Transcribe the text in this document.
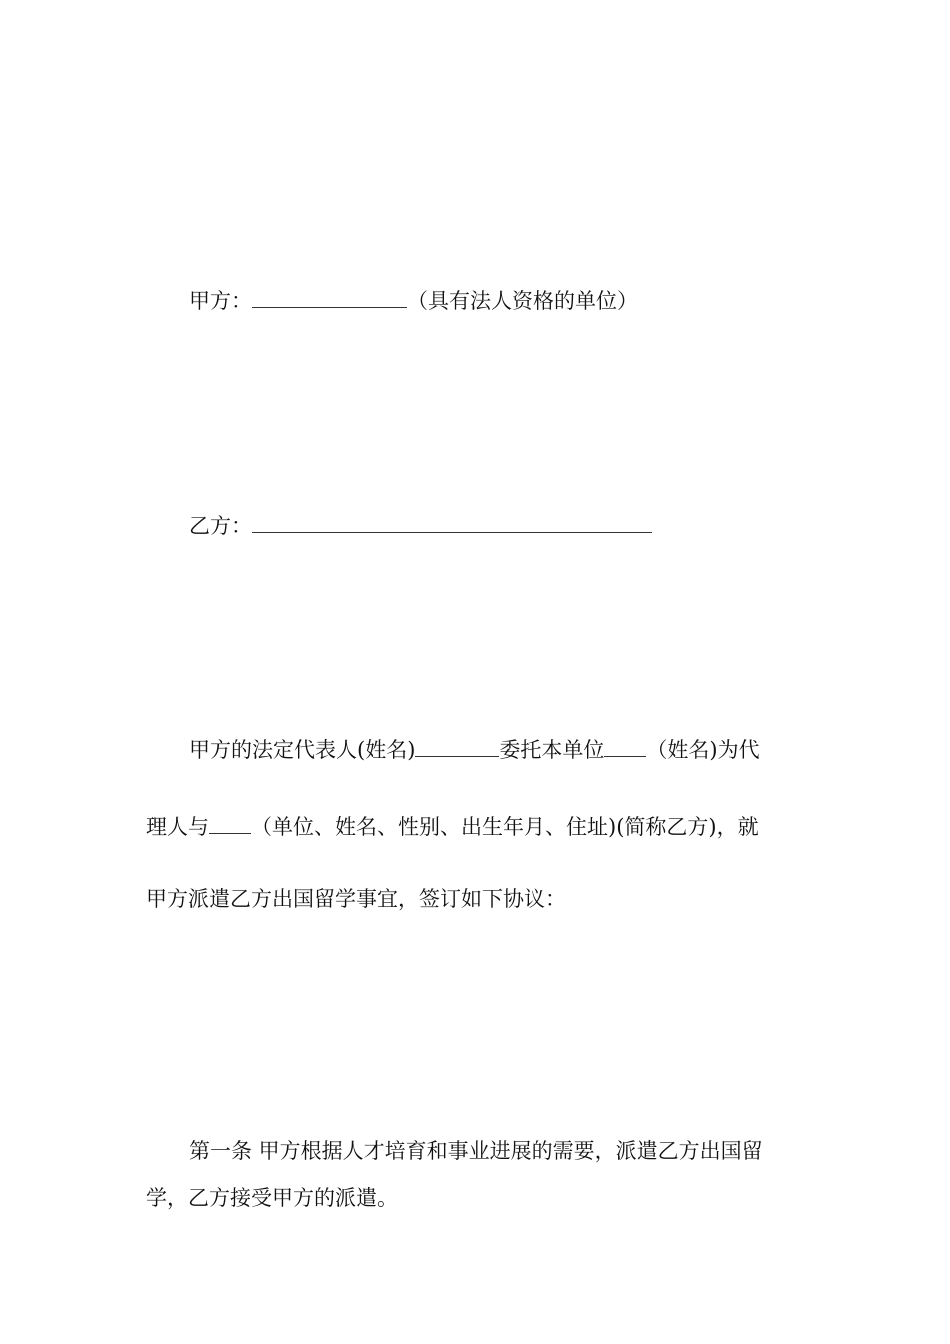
甲方：	（具有法人资格的单位）
乙方：
甲方的法定代表人(姓名)	委托本单位 （姓名)为代
理人与 （单位、姓名、性别、出生年月、住址)(简称乙方)，就
甲方派遣乙方出国留学事宜，签订如下协议：
第一条 甲方根据人才培育和事业进展的需要，派遣乙方出国留
学，乙方接受甲方的派遣。
